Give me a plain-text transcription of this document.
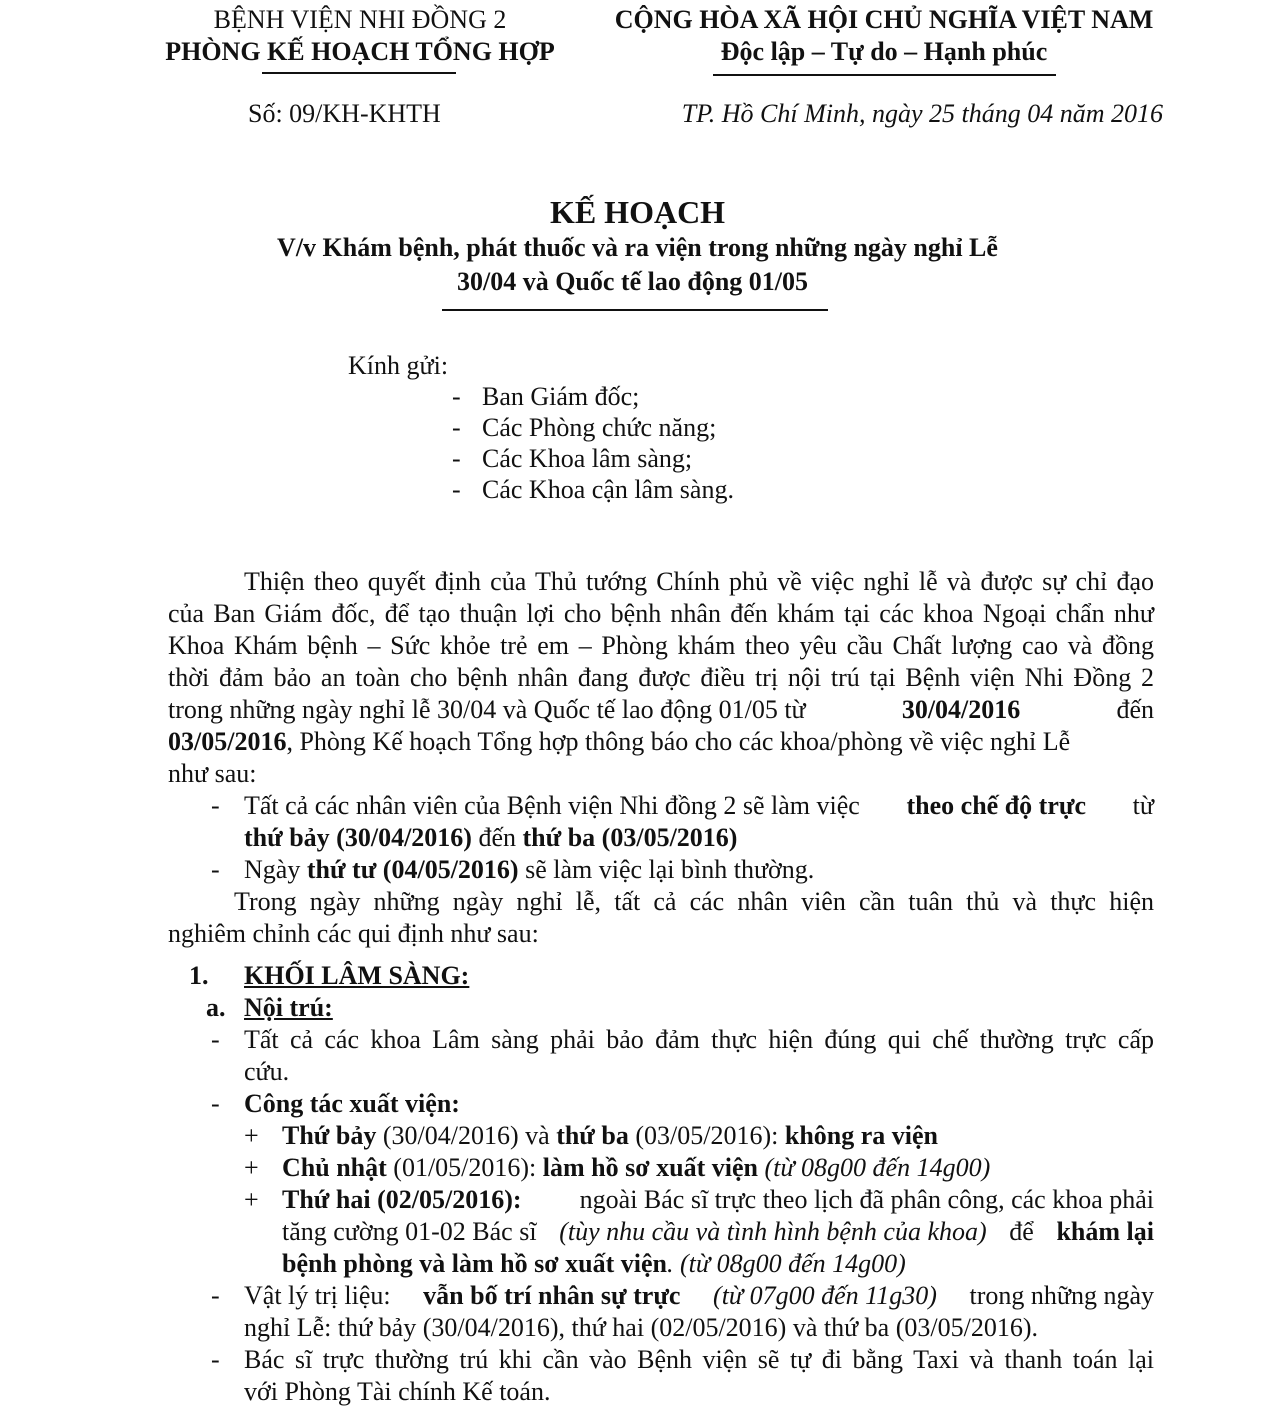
BỆNH VIỆN NHI ĐỒNG 2
PHÒNG KẾ HOẠCH TỔNG HỢP
CỘNG HÒA XÃ HỘI CHỦ NGHĨA VIỆT NAM
Độc lập – Tự do – Hạnh phúc
Số: 09/KH-KHTH	TP. Hồ Chí Minh, ngày 25 tháng 04 năm 2016
KẾ HOẠCH
V/v Khám bệnh, phát thuốc và ra viện trong những ngày nghỉ Lễ
30/04 và Quốc tế lao động 01/05
Kính gửi:
- Ban Giám đốc;
- Các Phòng chức năng;
- Các Khoa lâm sàng;
- Các Khoa cận lâm sàng.
Thiện theo quyết định của Thủ tướng Chính phủ về việc nghỉ lễ và được sự chỉ đạo
của Ban Giám đốc, để tạo thuận lợi cho bệnh nhân đến khám tại các khoa Ngoại chẩn như
Khoa Khám bệnh – Sức khỏe trẻ em – Phòng khám theo yêu cầu Chất lượng cao và đồng
thời đảm bảo an toàn cho bệnh nhân đang được điều trị nội trú tại Bệnh viện Nhi Đồng 2
trong những ngày nghỉ lễ 30/04 và Quốc tế lao động 01/05 từ	30/04/2016	đến
03/05/2016, Phòng Kế hoạch Tổng hợp thông báo cho các khoa/phòng về việc nghỉ Lễ
như sau:
- Tất cả các nhân viên của Bệnh viện Nhi đồng 2 sẽ làm việc theo chế độ trực từ
thứ bảy (30/04/2016) đến thứ ba (03/05/2016)
- Ngày thứ tư (04/05/2016) sẽ làm việc lại bình thường.
Trong ngày những ngày nghỉ lễ, tất cả các nhân viên cần tuân thủ và thực hiện
nghiêm chỉnh các qui định như sau:
1. KHỐI LÂM SÀNG:
a. Nội trú:
- Tất cả các khoa Lâm sàng phải bảo đảm thực hiện đúng qui chế thường trực cấp
cứu.
- Công tác xuất viện:
+ Thứ bảy (30/04/2016) và thứ ba (03/05/2016): không ra viện
+ Chủ nhật (01/05/2016): làm hồ sơ xuất viện (từ 08g00 đến 14g00)
+ Thứ hai (02/05/2016): ngoài Bác sĩ trực theo lịch đã phân công, các khoa phải
tăng cường 01-02 Bác sĩ (tùy nhu cầu và tình hình bệnh của khoa) để khám lại
bệnh phòng và làm hồ sơ xuất viện. (từ 08g00 đến 14g00)
- Vật lý trị liệu: vẫn bố trí nhân sự trực (từ 07g00 đến 11g30) trong những ngày
nghỉ Lễ: thứ bảy (30/04/2016), thứ hai (02/05/2016) và thứ ba (03/05/2016).
- Bác sĩ trực thường trú khi cần vào Bệnh viện sẽ tự đi bằng Taxi và thanh toán lại
với Phòng Tài chính Kế toán.
